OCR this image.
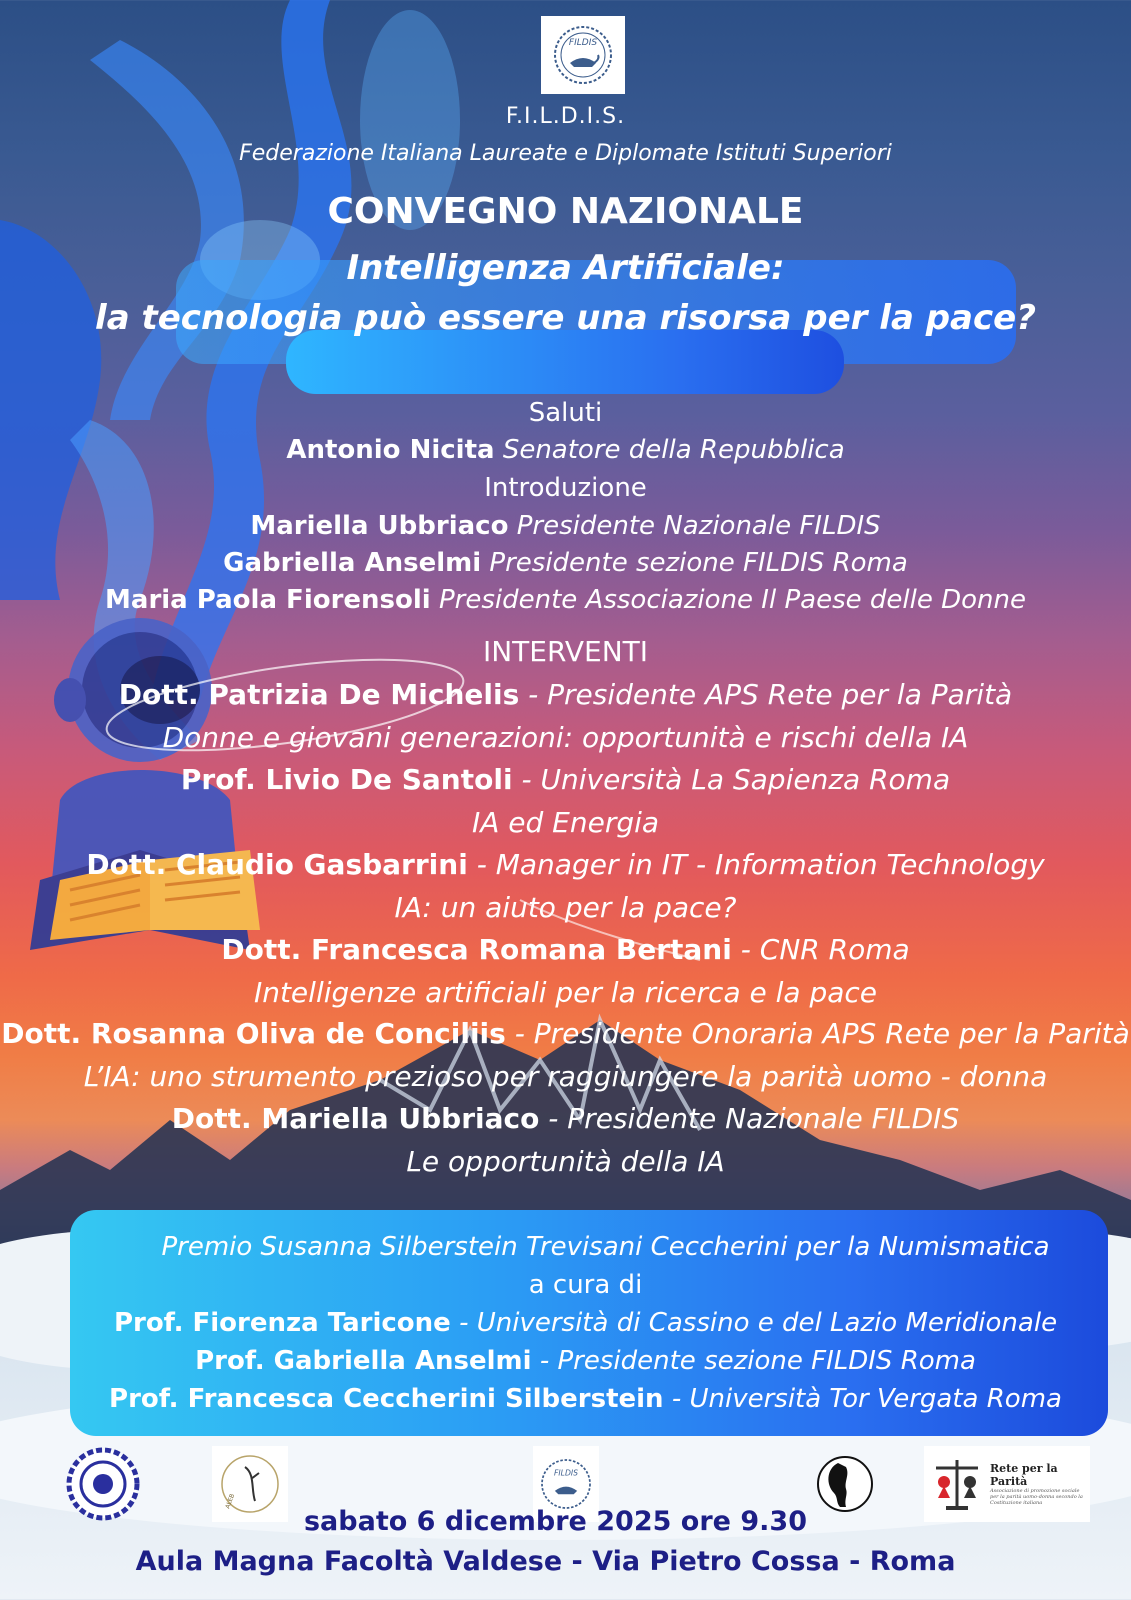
FILDIS
F.I.L.D.I.S.
Federazione Italiana Laureate e Diplomate Istituti Superiori
CONVEGNO NAZIONALE
Intelligenza Artificiale:
la tecnologia può essere una risorsa per la pace?
Saluti
Antonio Nicita Senatore della Repubblica
Introduzione
Mariella Ubbriaco Presidente Nazionale FILDIS
Gabriella Anselmi Presidente sezione FILDIS Roma
Maria Paola Fiorensoli Presidente Associazione Il Paese delle Donne
INTERVENTI
Dott. Patrizia De Michelis - Presidente APS Rete per la Parità
Donne e giovani generazioni: opportunità e rischi della IA
Prof. Livio De Santoli - Università La Sapienza Roma
IA ed Energia
Dott. Claudio Gasbarrini - Manager in IT - Information Technology
IA: un aiuto per la pace?
Dott. Francesca Romana Bertani - CNR Roma
Intelligenze artificiali per la ricerca e la pace
Dott. Rosanna Oliva de Conciliis - Presidente Onoraria APS Rete per la Parità
L’IA: uno strumento prezioso per raggiungere la parità uomo - donna
Dott. Mariella Ubbriaco - Presidente Nazionale FILDIS
Le opportunità della IA
Premio Susanna Silberstein Trevisani Ceccherini per la Numismatica
a cura di
Prof. Fiorenza Taricone - Università di Cassino e del Lazio Meridionale
Prof. Gabriella Anselmi - Presidente sezione FILDIS Roma
Prof. Francesca Ceccherini Silberstein - Università Tor Vergata Roma
ALEB
FILDIS	Rete per la Parità
Associazione di promozione sociale per la parità uomo-donna secondo la Costituzione italiana
sabato 6 dicembre 2025 ore 9.30
Aula Magna Facoltà Valdese - Via Pietro Cossa - Roma
